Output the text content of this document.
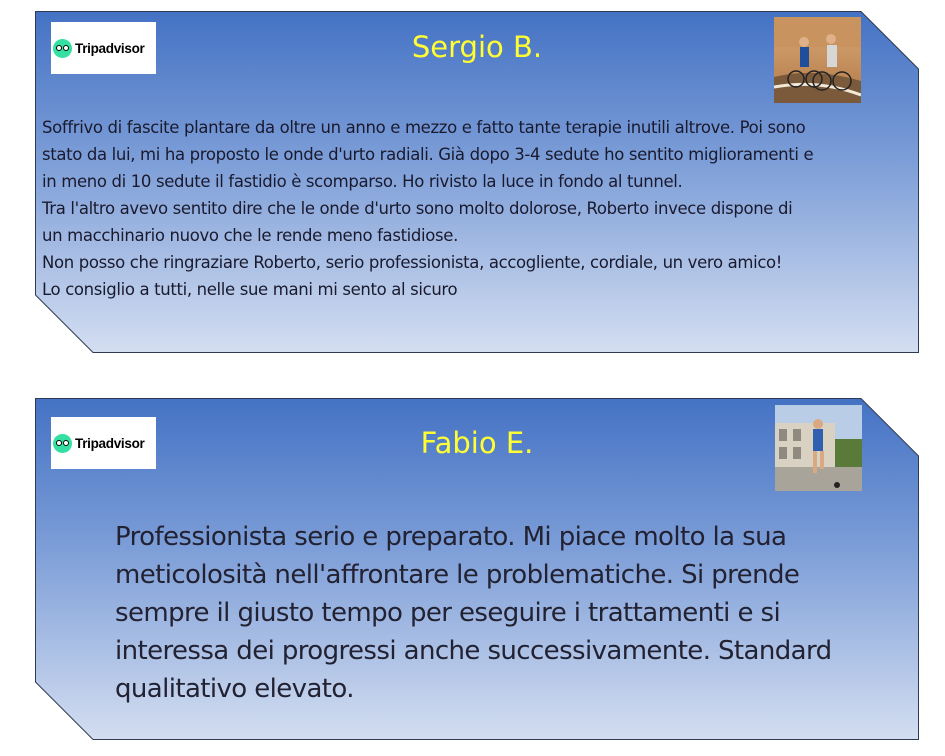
Tripadvisor	Sergio B.

Soffrivo di fascite plantare da oltre un anno e mezzo e fatto tante terapie inutili altrove. Poi sono

stato da lui, mi ha proposto le onde d'urto radiali. Già dopo 3-4 sedute ho sentito miglioramenti e

in meno di 10 sedute il fastidio è scomparso. Ho rivisto la luce in fondo al tunnel.

Tra l'altro avevo sentito dire che le onde d'urto sono molto dolorose, Roberto invece dispone di

un macchinario nuovo che le rende meno fastidiose.

Non posso che ringraziare Roberto, serio professionista, accogliente, cordiale, un vero amico!

Lo consiglio a tutti, nelle sue mani mi sento al sicuro

Tripadvisor	Fabio E.

Professionista serio e preparato. Mi piace molto la sua

meticolosità nell'affrontare le problematiche. Si prende

sempre il giusto tempo per eseguire i trattamenti e si

interessa dei progressi anche successivamente. Standard

qualitativo elevato.
